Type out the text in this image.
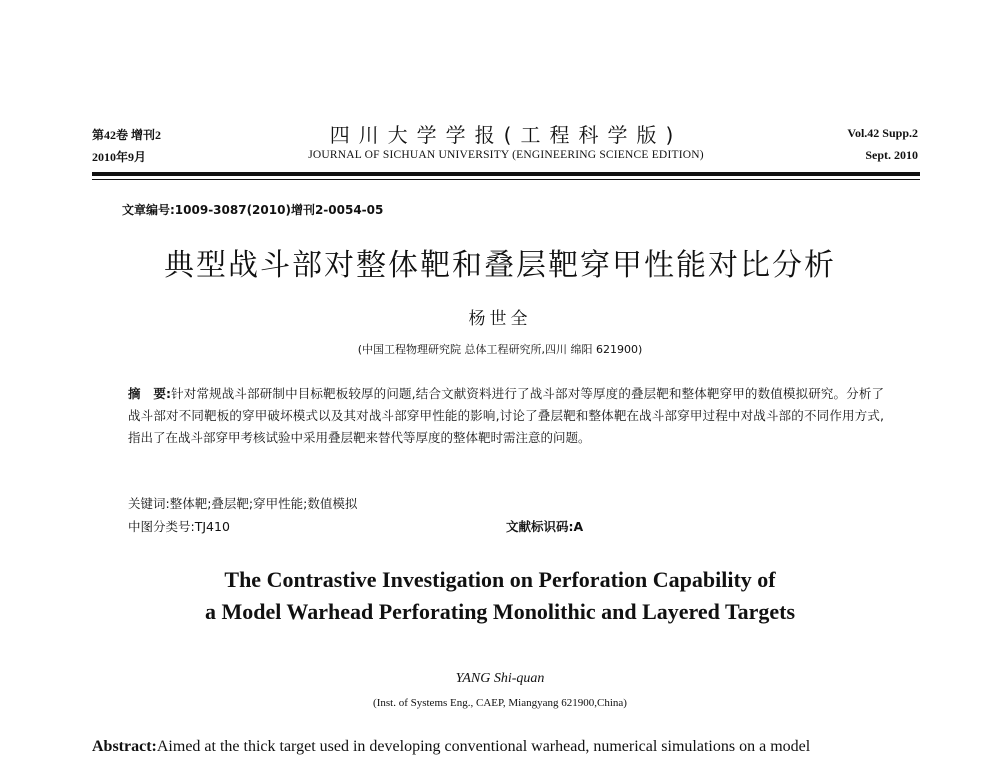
第42卷 增刊2
2010年9月
四川大学学报(工程科学版)
JOURNAL OF SICHUAN UNIVERSITY (ENGINEERING SCIENCE EDITION)
Vol.42 Supp.2
Sept. 2010
文章编号:1009-3087(2010)增刊2-0054-05
典型战斗部对整体靶和叠层靶穿甲性能对比分析
杨世全
(中国工程物理研究院 总体工程研究所,四川 绵阳 621900)
摘　要:针对常规战斗部研制中目标靶板较厚的问题,结合文献资料进行了战斗部对等厚度的叠层靶和整体靶穿甲的数值模拟研究。分析了战斗部对不同靶板的穿甲破坏模式以及其对战斗部穿甲性能的影响,讨论了叠层靶和整体靶在战斗部穿甲过程中对战斗部的不同作用方式,指出了在战斗部穿甲考核试验中采用叠层靶来替代等厚度的整体靶时需注意的问题。
关键词:整体靶;叠层靶;穿甲性能;数值模拟
中图分类号:TJ410	文献标识码:A
The Contrastive Investigation on Perforation Capability of
a Model Warhead Perforating Monolithic and Layered Targets
YANG Shi-quan
(Inst. of Systems Eng., CAEP, Miangyang 621900,China)
Abstract:Aimed at the thick target used in developing conventional warhead, numerical simulations on a model
